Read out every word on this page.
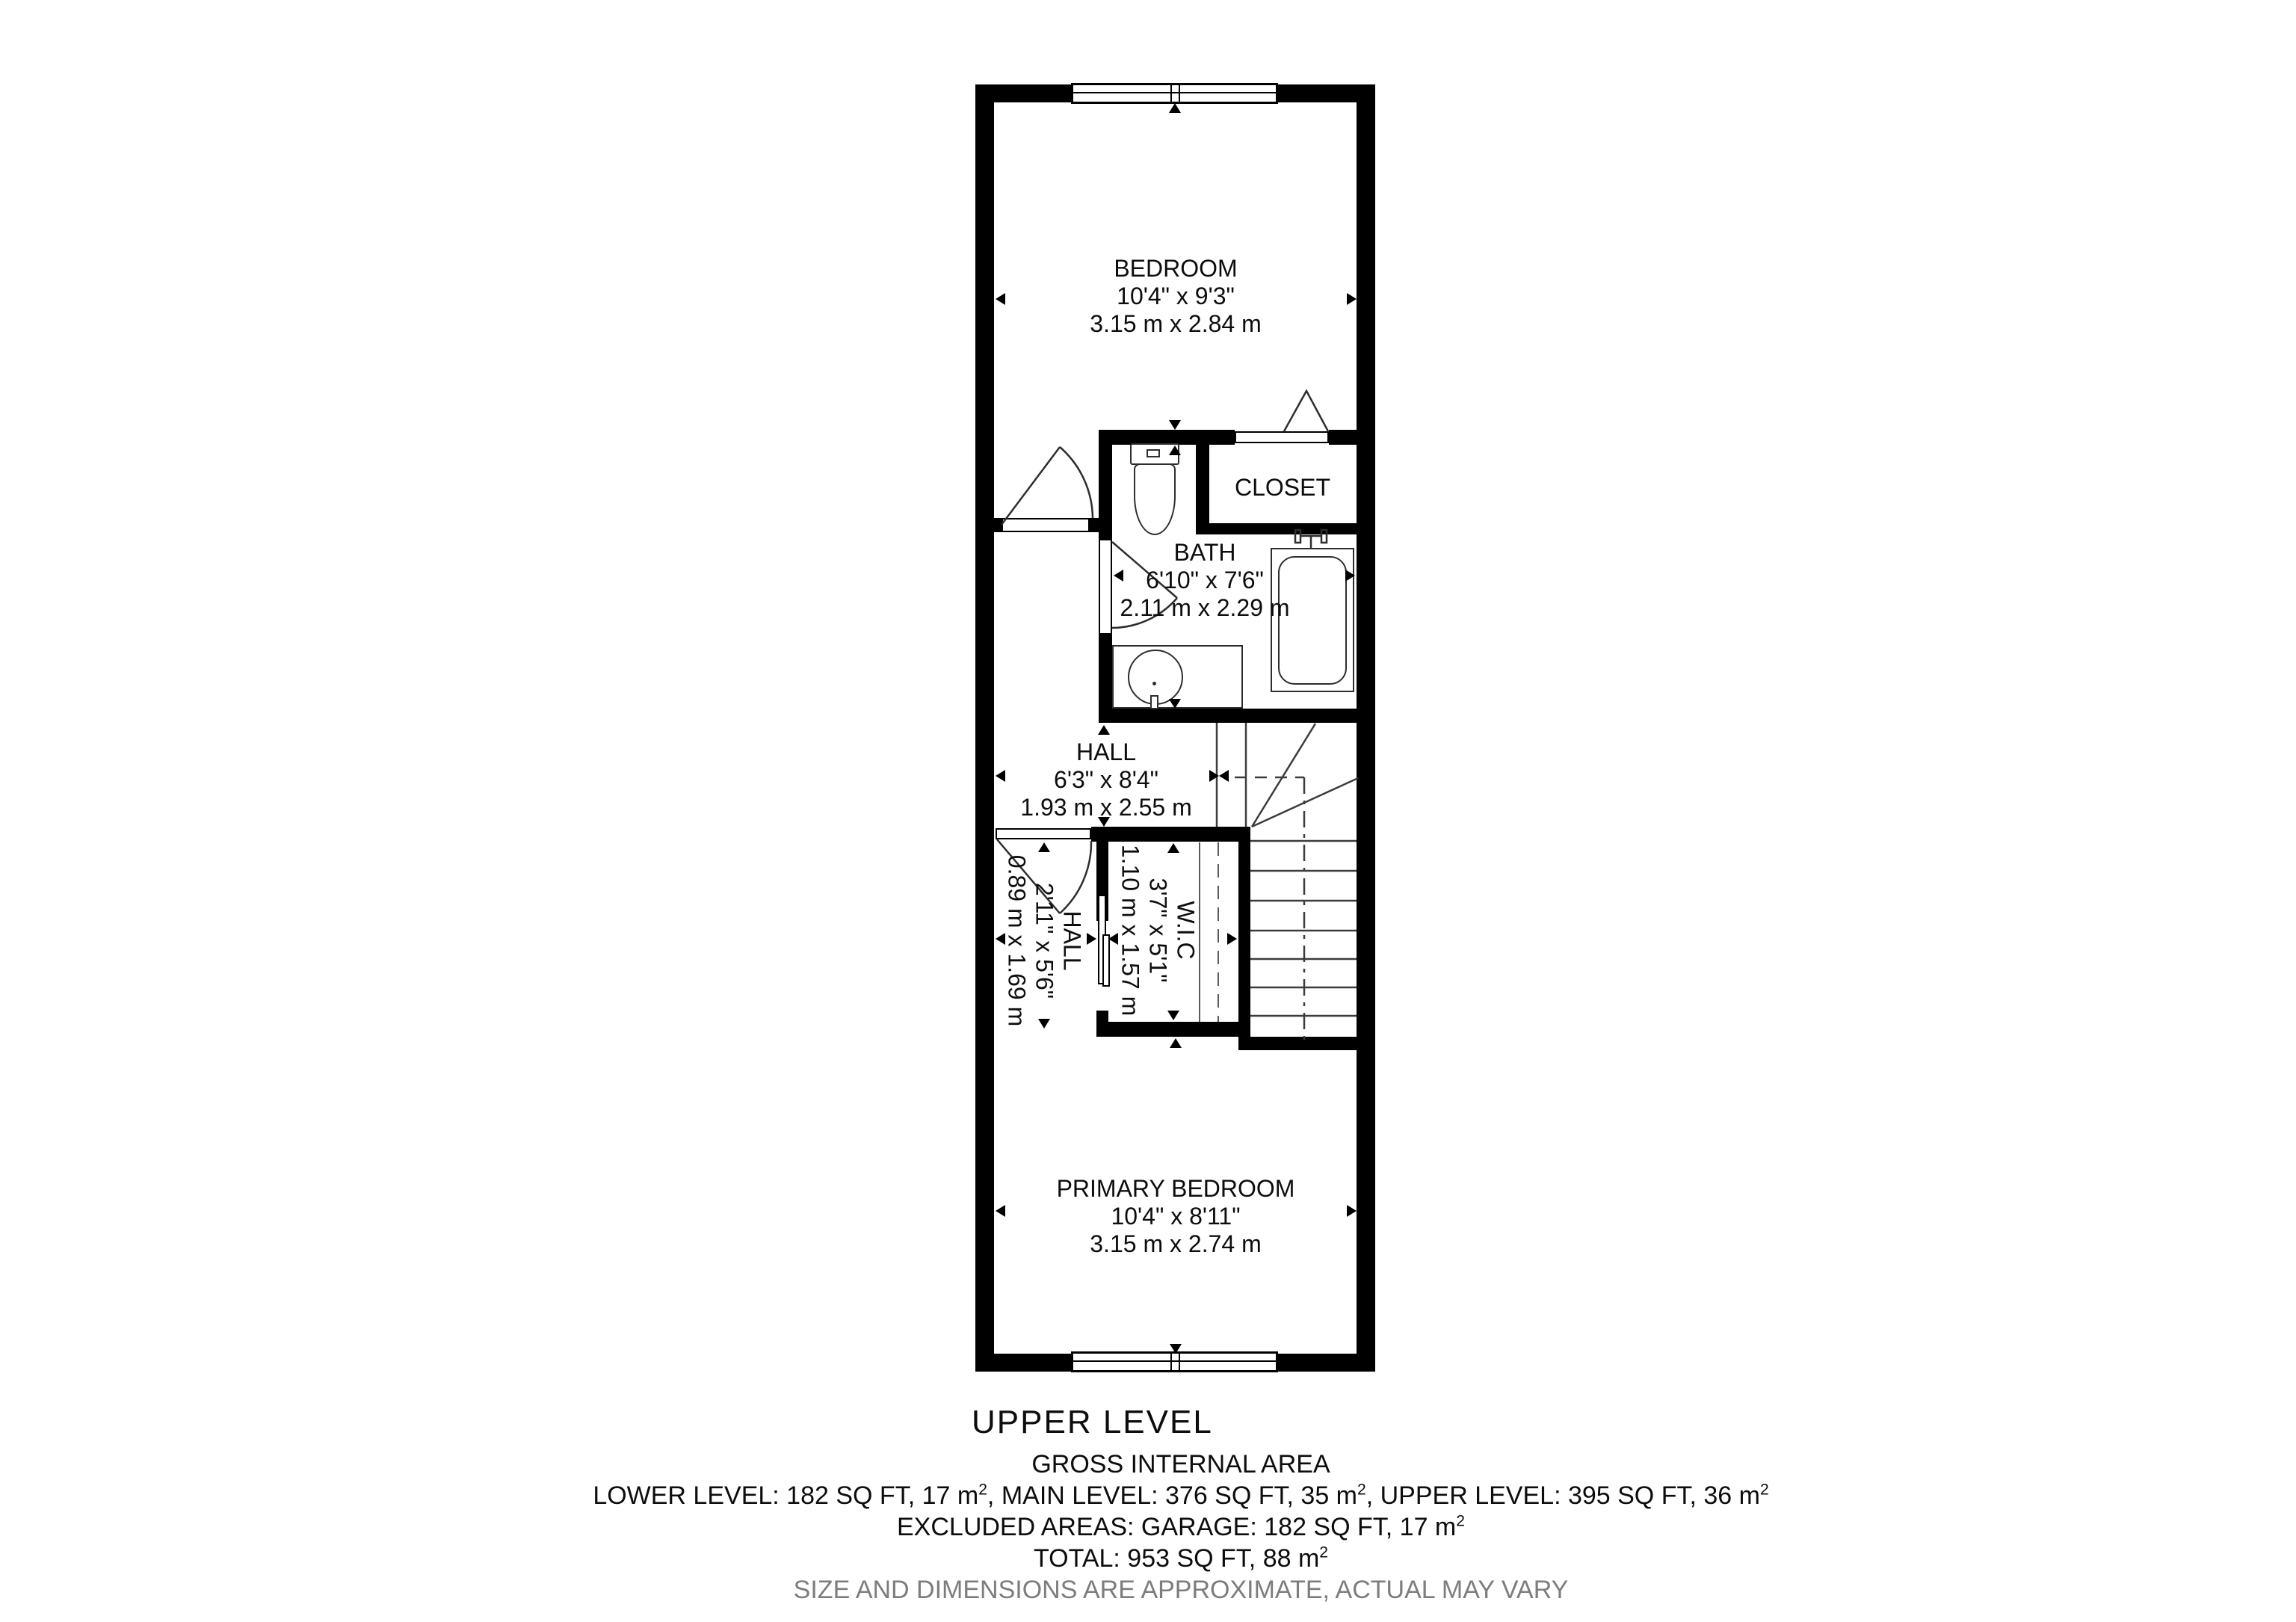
BEDROOM
10'4" x 9'3"
3.15 m x 2.84 m
CLOSET
BATH
6'10" x 7'6"
2.11 m x 2.29 m
HALL
6'3" x 8'4"
1.93 m x 2.55 m
HALL
2'11" x 5'6"
0.89 m x 1.69 m	W.I.C
3'7" x 5'1"
1.10 m x 1.57 m
PRIMARY BEDROOM
10'4" x 8'11"
3.15 m x 2.74 m
UPPER LEVEL
GROSS INTERNAL AREA
LOWER LEVEL: 182 SQ FT, 17 $m^2$, MAIN LEVEL: 376 SQ FT, 35 $m^2$, UPPER LEVEL: 395 SQ FT, 36 $m^2$
EXCLUDED AREAS: GARAGE: 182 SQ FT, 17 $m^2$
TOTAL: 953 SQ FT, 88 $m^2$
SIZE AND DIMENSIONS ARE APPROXIMATE, ACTUAL MAY VARY
